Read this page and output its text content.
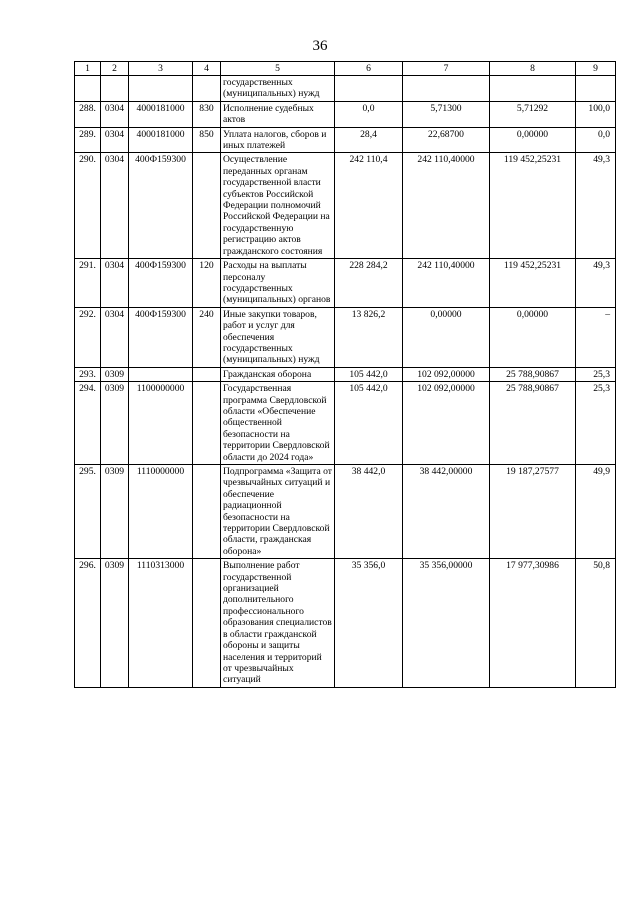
36
1	2	3	4	5	6	7	8	9
				государственных (муниципальных) нужд				
288.	0304	4000181000	830	Исполнение судебных актов	0,0	5,71300	5,71292	100,0
289.	0304	4000181000	850	Уплата налогов, сборов и иных платежей	28,4	22,68700	0,00000	0,0
290.	0304	400Ф159300		Осуществление переданных органам государственной власти субъектов Российской Федерации полномочий Российской Федерации на государственную регистрацию актов гражданского состояния	242 110,4	242 110,40000	119 452,25231	49,3
291.	0304	400Ф159300	120	Расходы на выплаты персоналу государственных (муниципальных) органов	228 284,2	242 110,40000	119 452,25231	49,3
292.	0304	400Ф159300	240	Иные закупки товаров, работ и услуг для обеспечения государственных (муниципальных) нужд	13 826,2	0,00000	0,00000	–
293.	0309			Гражданская оборона	105 442,0	102 092,00000	25 788,90867	25,3
294.	0309	1100000000		Государственная программа Свердловской области «Обеспечение общественной безопасности на территории Свердловской области до 2024 года»	105 442,0	102 092,00000	25 788,90867	25,3
295.	0309	1110000000		Подпрограмма «Защита от чрезвычайных ситуаций и обеспечение радиационной безопасности на территории Свердловской области, гражданская оборона»	38 442,0	38 442,00000	19 187,27577	49,9
296.	0309	1110313000		Выполнение работ государственной организацией дополнительного профессионального образования специалистов в области гражданской обороны и защиты населения и территорий от чрезвычайных ситуаций	35 356,0	35 356,00000	17 977,30986	50,8
